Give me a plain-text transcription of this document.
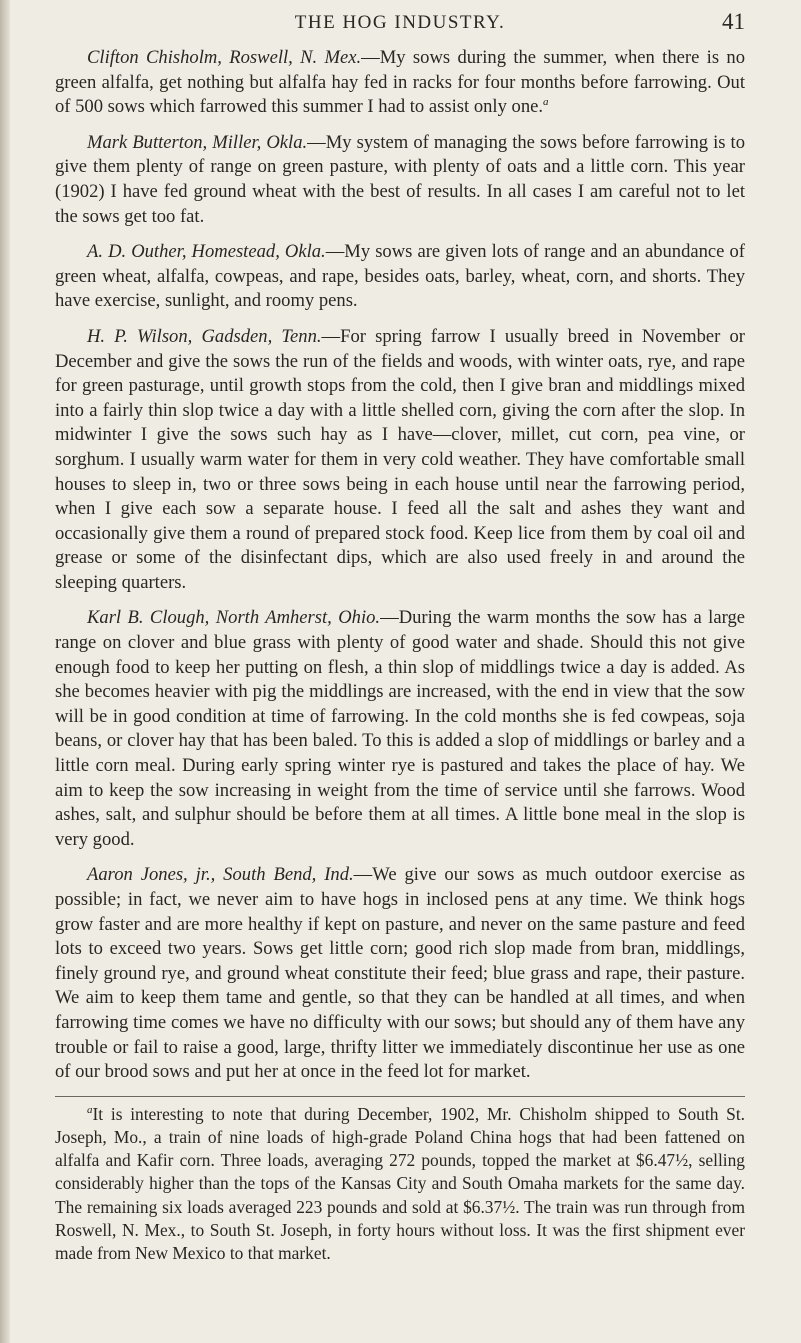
THE HOG INDUSTRY.	41

Clifton Chisholm, Roswell, N. Mex.—My sows during the summer, when there is no green alfalfa, get nothing but alfalfa hay fed in racks for four months before farrowing. Out of 500 sows which farrowed this summer I had to assist only one.$^a$

Mark Butterton, Miller, Okla.—My system of managing the sows before farrowing is to give them plenty of range on green pasture, with plenty of oats and a little corn. This year (1902) I have fed ground wheat with the best of results. In all cases I am careful not to let the sows get too fat.

A. D. Outher, Homestead, Okla.—My sows are given lots of range and an abundance of green wheat, alfalfa, cowpeas, and rape, besides oats, barley, wheat, corn, and shorts. They have exercise, sunlight, and roomy pens.

H. P. Wilson, Gadsden, Tenn.—For spring farrow I usually breed in November or December and give the sows the run of the fields and woods, with winter oats, rye, and rape for green pasturage, until growth stops from the cold, then I give bran and middlings mixed into a fairly thin slop twice a day with a little shelled corn, giving the corn after the slop. In midwinter I give the sows such hay as I have—clover, millet, cut corn, pea vine, or sorghum. I usually warm water for them in very cold weather. They have comfortable small houses to sleep in, two or three sows being in each house until near the farrowing period, when I give each sow a separate house. I feed all the salt and ashes they want and occasionally give them a round of prepared stock food. Keep lice from them by coal oil and grease or some of the disinfectant dips, which are also used freely in and around the sleeping quarters.

Karl B. Clough, North Amherst, Ohio.—During the warm months the sow has a large range on clover and blue grass with plenty of good water and shade. Should this not give enough food to keep her putting on flesh, a thin slop of middlings twice a day is added. As she becomes heavier with pig the middlings are increased, with the end in view that the sow will be in good condition at time of farrowing. In the cold months she is fed cowpeas, soja beans, or clover hay that has been baled. To this is added a slop of middlings or barley and a little corn meal. During early spring winter rye is pastured and takes the place of hay. We aim to keep the sow increasing in weight from the time of service until she farrows. Wood ashes, salt, and sulphur should be before them at all times. A little bone meal in the slop is very good.

Aaron Jones, jr., South Bend, Ind.—We give our sows as much outdoor exercise as possible; in fact, we never aim to have hogs in inclosed pens at any time. We think hogs grow faster and are more healthy if kept on pasture, and never on the same pasture and feed lots to exceed two years. Sows get little corn; good rich slop made from bran, middlings, finely ground rye, and ground wheat constitute their feed; blue grass and rape, their pasture. We aim to keep them tame and gentle, so that they can be handled at all times, and when farrowing time comes we have no difficulty with our sows; but should any of them have any trouble or fail to raise a good, large, thrifty litter we immediately discontinue her use as one of our brood sows and put her at once in the feed lot for market.

$^a$It is interesting to note that during December, 1902, Mr. Chisholm shipped to South St. Joseph, Mo., a train of nine loads of high-grade Poland China hogs that had been fattened on alfalfa and Kafir corn. Three loads, averaging 272 pounds, topped the market at $6.47½, selling considerably higher than the tops of the Kansas City and South Omaha markets for the same day. The remaining six loads averaged 223 pounds and sold at $6.37½. The train was run through from Roswell, N. Mex., to South St. Joseph, in forty hours without loss. It was the first shipment ever made from New Mexico to that market.
